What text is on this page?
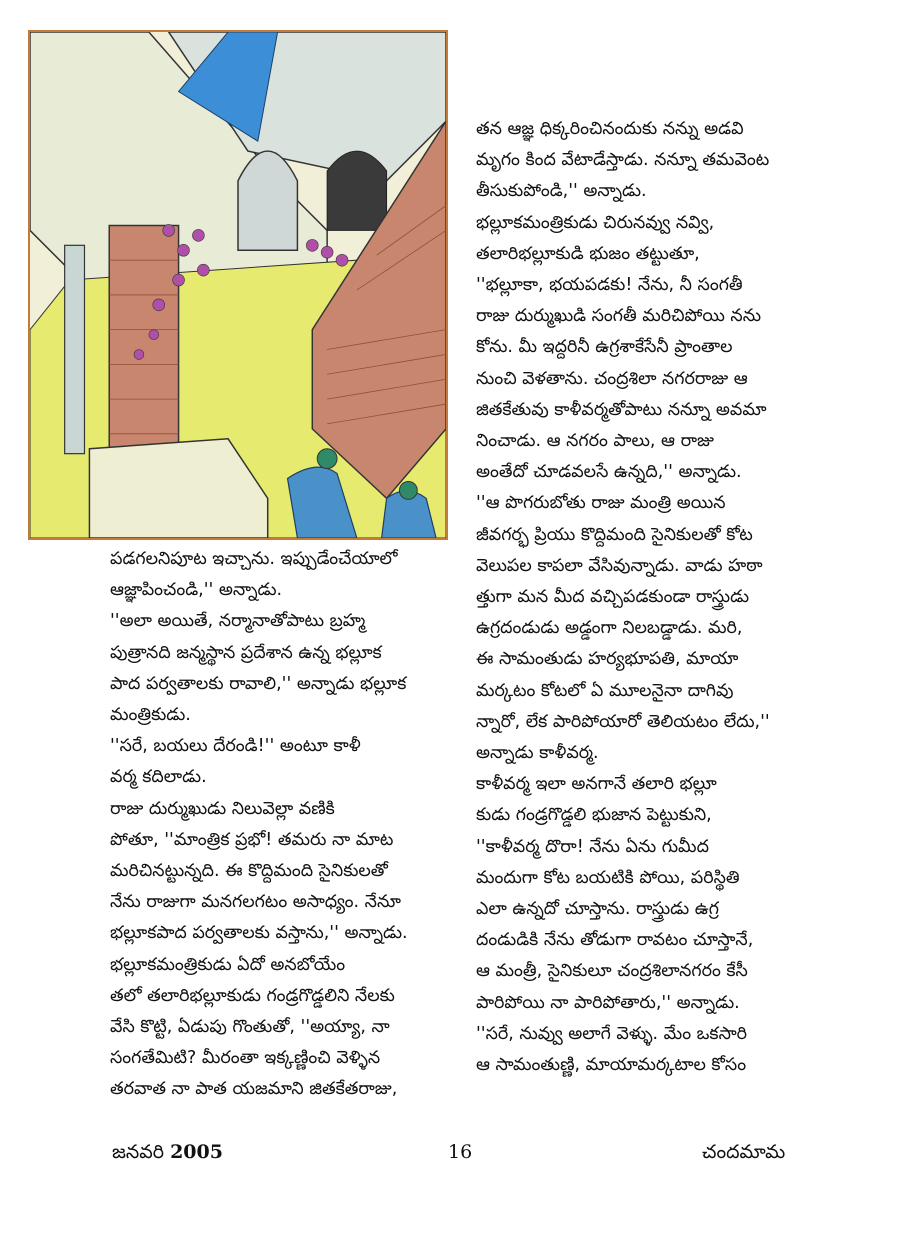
తన ఆజ్ఞ ధిక్కరించినందుకు నన్ను అడవి

మృగం కింద వేటాడేస్తాడు. నన్నూ తమవెంట

తీసుకుపోండి,'' అన్నాడు.

భల్లూకమంత్రికుడు చిరునవ్వు నవ్వి,

తలారిభల్లూకుడి భుజం తట్టుతూ,

''భల్లూకా, భయపడకు! నేను, నీ సంగతీ

రాజు దుర్ముఖుడి సంగతీ మరిచిపోయి నను

కోను. మీ ఇద్దరినీ ఉగ్రశాకేసేనీ ప్రాంతాల

నుంచి వెళతాను. చంద్రశిలా నగరరాజు ఆ

జితకేతువు కాళీవర్మతోపాటు నన్నూ అవమా

నించాడు. ఆ నగరం పాలు, ఆ రాజు

అంతేదో చూడవలసే ఉన్నది,'' అన్నాడు.

''ఆ పొగరుబోతు రాజు మంత్రి అయిన

జీవగర్భ ప్రియు కొద్దిమంది సైనికులతో కోట

వెలుపల కాపలా వేసివున్నాడు. వాడు హఠా

త్తుగా మన మీద వచ్చిపడకుండా రాస్త్రుడు

ఉగ్రదండుడు అడ్డంగా నిలబడ్డాడు. మరి,

ఈ సామంతుడు హర్యభూపతి, మాయా

మర్కటం కోటలో ఏ మూలనైనా దాగివు

న్నారో, లేక పారిపోయారో తెలియటం లేదు,''

అన్నాడు కాళీవర్మ.

కాళీవర్మ ఇలా అనగానే తలారి భల్లూ

కుడు గండ్రగొడ్డలి భుజాన పెట్టుకుని,

''కాళీవర్మ దొరా! నేను ఏను గుమీద

మందుగా కోట బయటికి పోయి, పరిస్థితి

ఎలా ఉన్నదో చూస్తాను. రాస్త్రుడు ఉగ్ర

దండుడికి నేను తోడుగా రావటం చూస్తానే,

ఆ మంత్రీ, సైనికులూ చంద్రశిలానగరం కేసీ

పారిపోయి నా పారిపోతారు,'' అన్నాడు.

''సరే, నువ్వు అలాగే వెళ్ళు. మేం ఒకసారి

ఆ సామంతుణ్ణి, మాయామర్కటాల కోసం

పడగలనిపూట ఇచ్చాను. ఇప్పుడేంచేయాలో

ఆజ్ఞాపించండి,'' అన్నాడు.

''అలా అయితే, నర్మానాతోపాటు బ్రహ్మ

పుత్రానది జన్మస్థాన ప్రదేశాన ఉన్న భల్లూక

పాద పర్వతాలకు రావాలి,'' అన్నాడు భల్లూక

మంత్రికుడు.

''సరే, బయలు దేరండి!'' అంటూ కాళీ

వర్మ కదిలాడు.

రాజు దుర్ముఖుడు నిలువెల్లా వణికి

పోతూ, ''మాంత్రిక ప్రభో! తమరు నా మాట

మరిచినట్టున్నది. ఈ కొద్దిమంది సైనికులతో

నేను రాజుగా మనగలగటం అసాధ్యం. నేనూ

భల్లూకపాద పర్వతాలకు వస్తాను,'' అన్నాడు.

భల్లూకమంత్రికుడు ఏదో అనబోయేం

తలో తలారిభల్లూకుడు గండ్రగొడ్డలిని నేలకు

వేసి కొట్టి, ఏడుపు గొంతుతో, ''అయ్యా, నా

సంగతేమిటి? మీరంతా ఇక్కణ్ణించి వెళ్ళిన

తరవాత నా పాత యజమాని జితకేతరాజు,

జనవరి 2005	16	చందమామ
